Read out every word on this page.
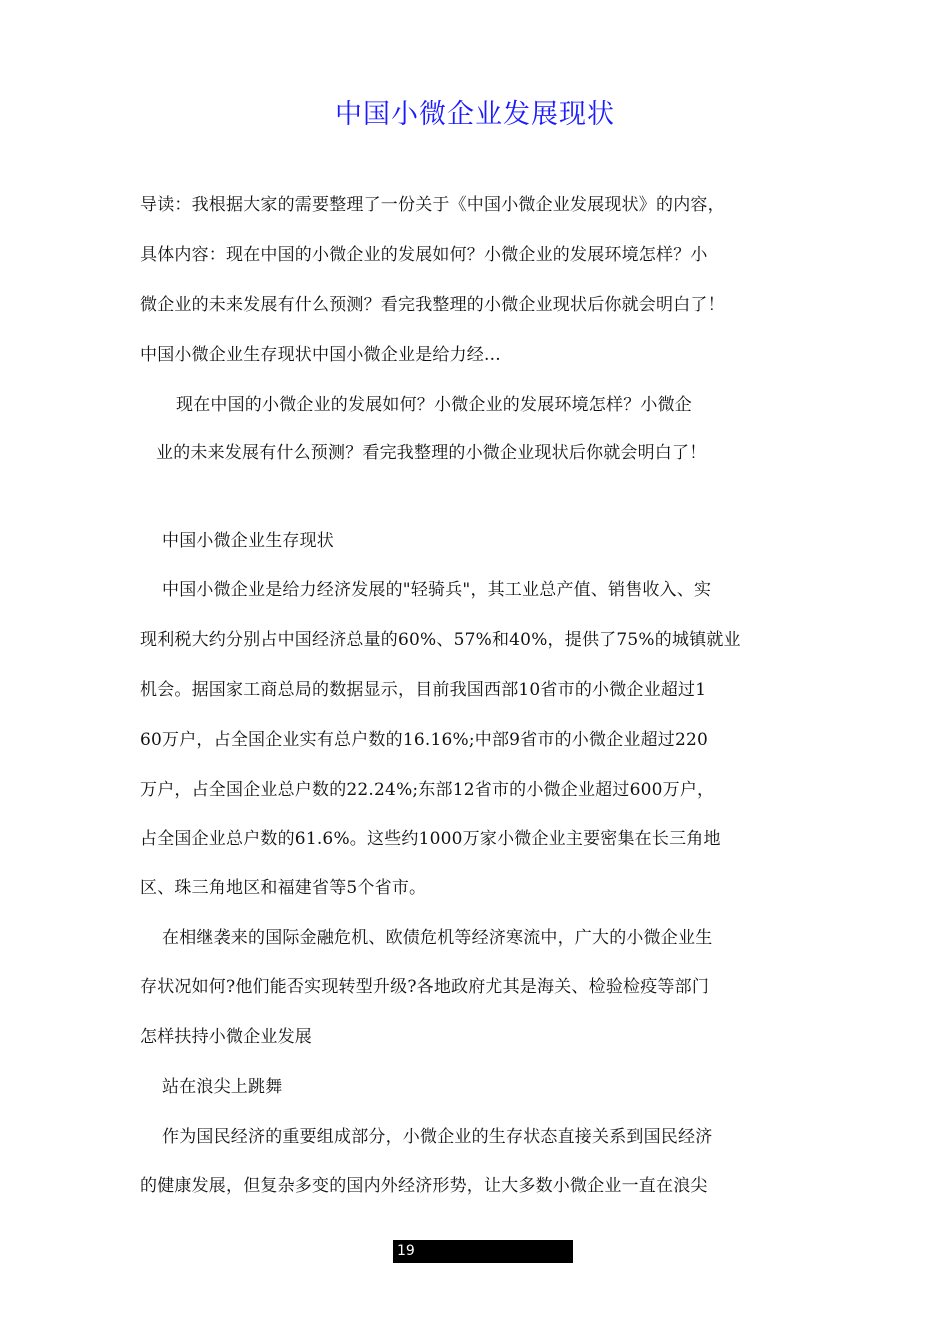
中国小微企业发展现状
导读：我根据大家的需要整理了一份关于《中国小微企业发展现状》的内容，
具体内容：现在中国的小微企业的发展如何？小微企业的发展环境怎样？小
微企业的未来发展有什么预测？看完我整理的小微企业现状后你就会明白了！
中国小微企业生存现状中国小微企业是给力经...
现在中国的小微企业的发展如何？小微企业的发展环境怎样？小微企
业的未来发展有什么预测？看完我整理的小微企业现状后你就会明白了！
中国小微企业生存现状
中国小微企业是给力经济发展的"轻骑兵"，其工业总产值、销售收入、实
现利税大约分别占中国经济总量的60%、57%和40%，提供了75%的城镇就业
机会。据国家工商总局的数据显示，目前我国西部10省市的小微企业超过1
60万户，占全国企业实有总户数的16.16%;中部9省市的小微企业超过220
万户，占全国企业总户数的22.24%;东部12省市的小微企业超过600万户，
占全国企业总户数的61.6%。这些约1000万家小微企业主要密集在长三角地
区、珠三角地区和福建省等5个省市。
在相继袭来的国际金融危机、欧债危机等经济寒流中，广大的小微企业生
存状况如何?他们能否实现转型升级?各地政府尤其是海关、检验检疫等部门
怎样扶持小微企业发展
站在浪尖上跳舞
作为国民经济的重要组成部分，小微企业的生存状态直接关系到国民经济
的健康发展，但复杂多变的国内外经济形势，让大多数小微企业一直在浪尖
19
